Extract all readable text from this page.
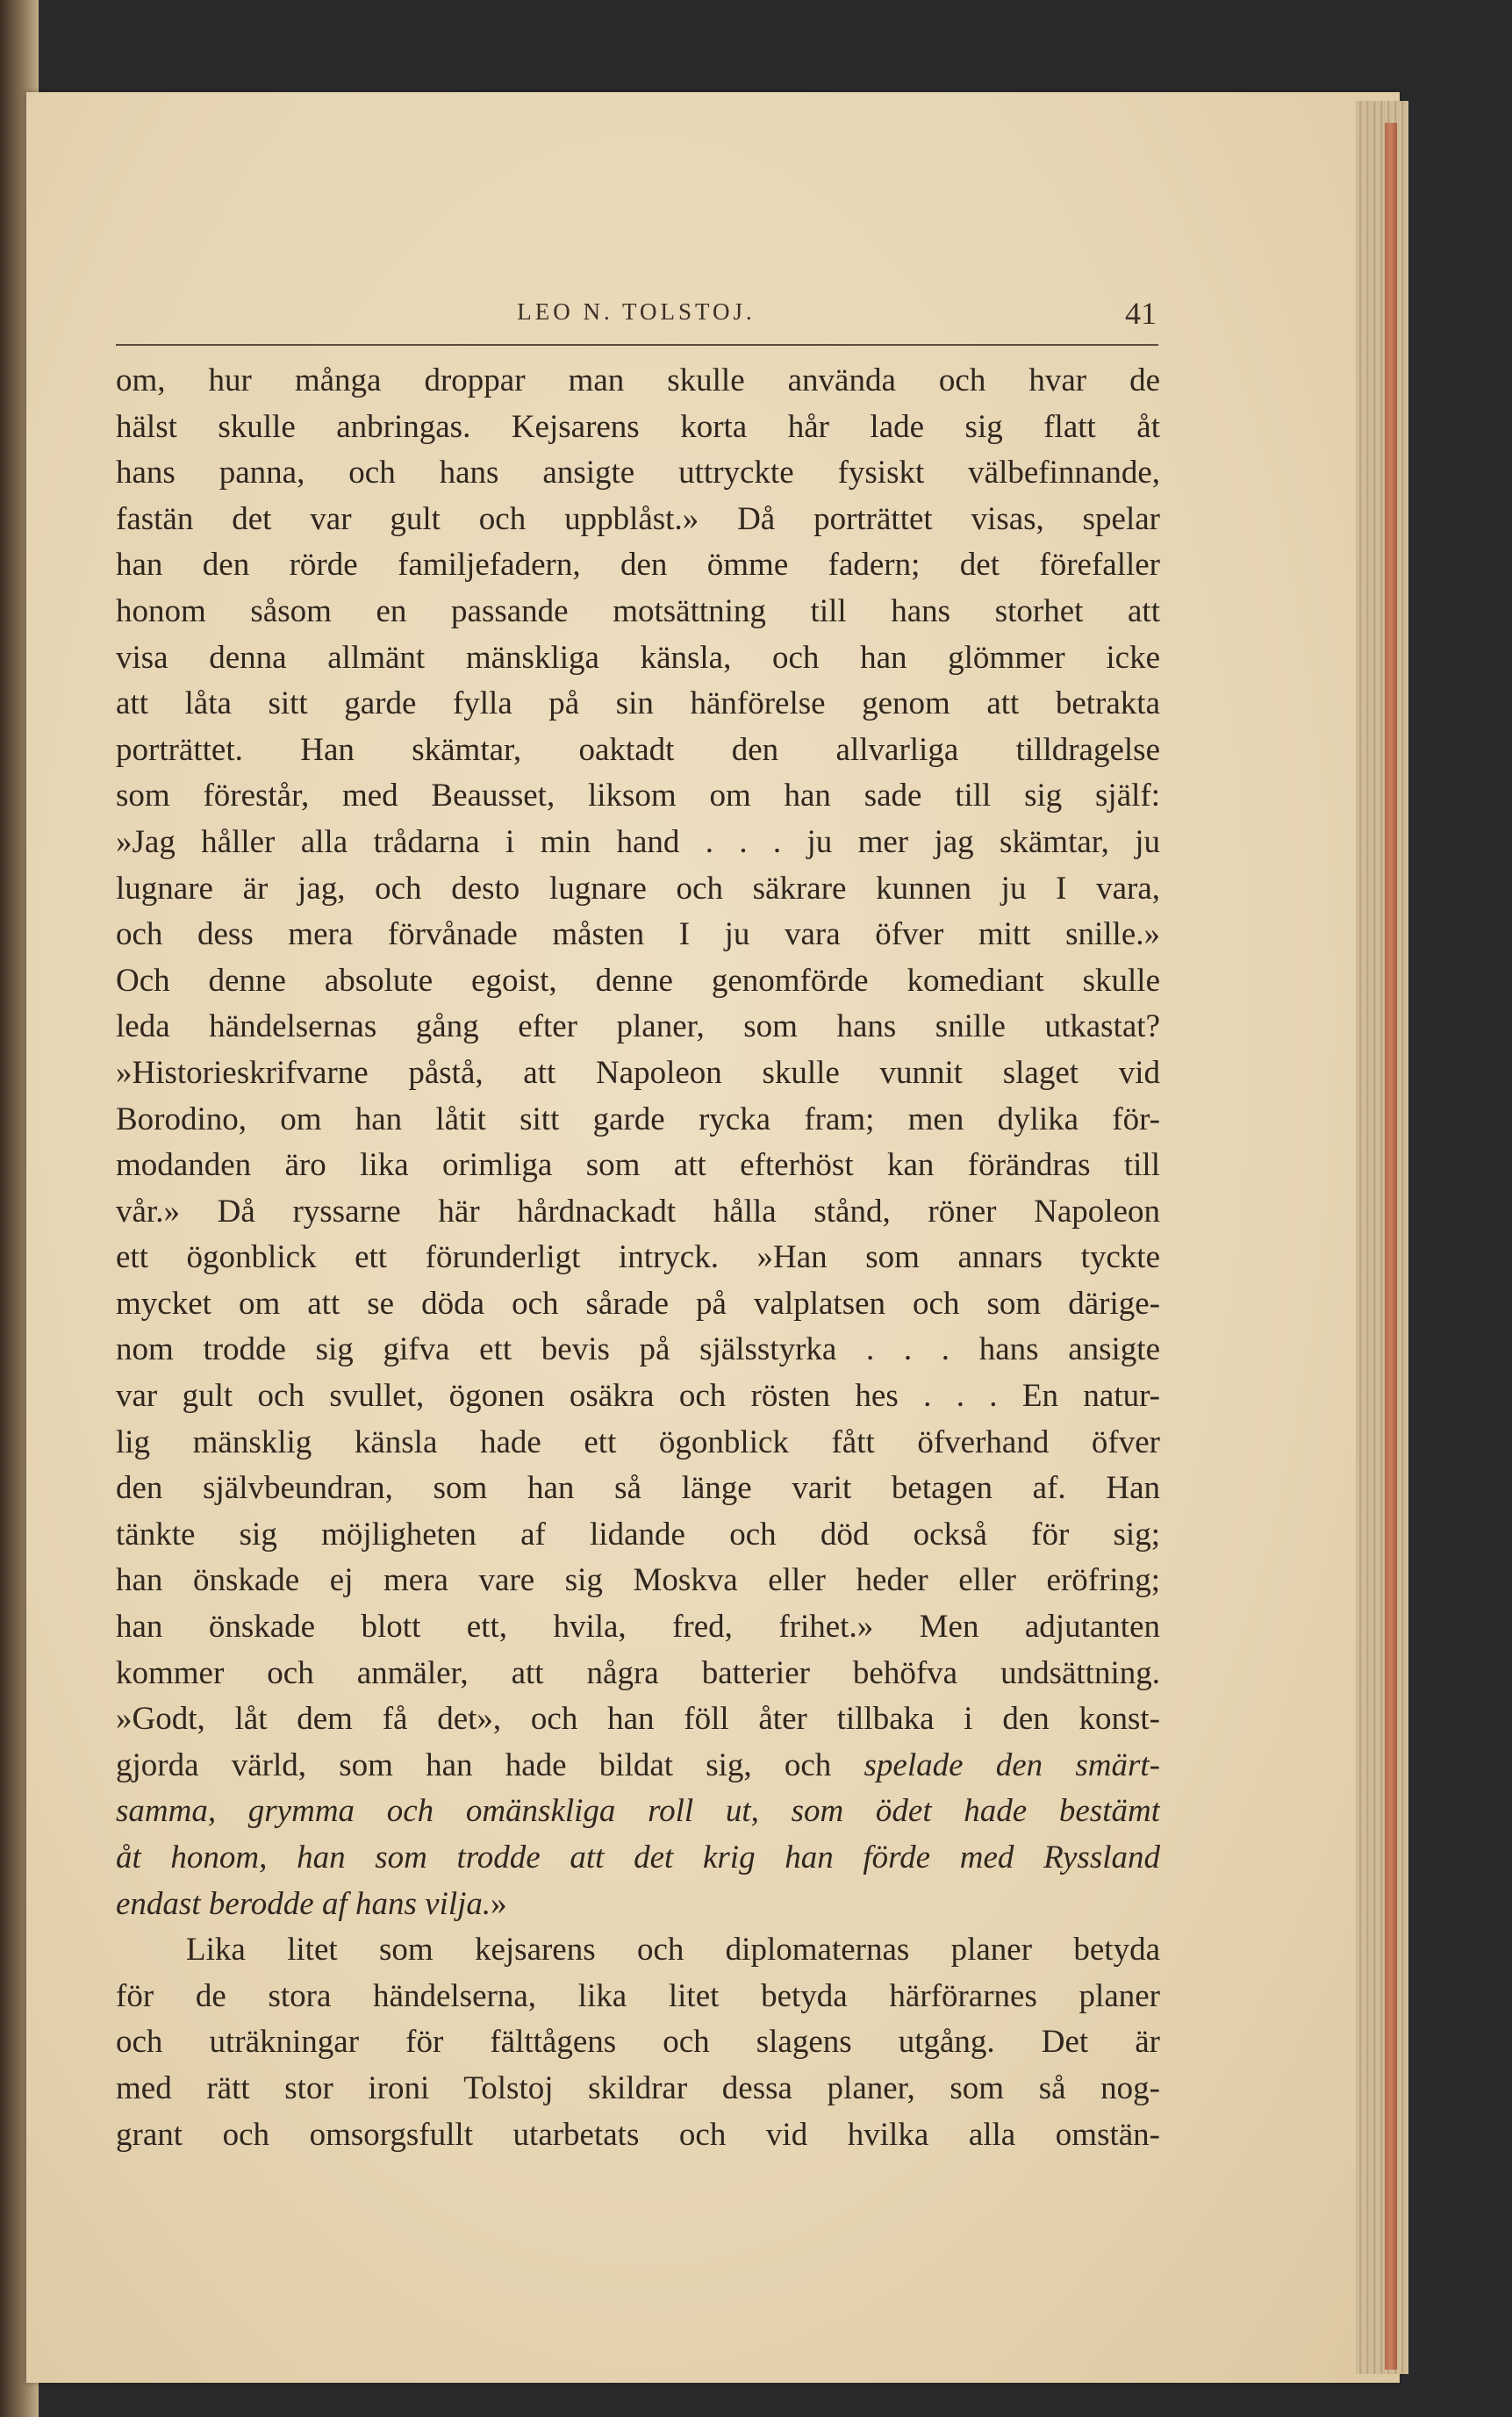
LEO N. TOLSTOJ.	41
om, hur många droppar man skulle använda och hvar de
hälst skulle anbringas. Kejsarens korta hår lade sig flatt åt
hans panna, och hans ansigte uttryckte fysiskt välbefinnande,
fastän det var gult och uppblåst.» Då porträttet visas, spelar
han den rörde familjefadern, den ömme fadern; det förefaller
honom såsom en passande motsättning till hans storhet att
visa denna allmänt mänskliga känsla, och han glömmer icke
att låta sitt garde fylla på sin hänförelse genom att betrakta
porträttet. Han skämtar, oaktadt den allvarliga tilldragelse
som förestår, med Beausset, liksom om han sade till sig själf:
»Jag håller alla trådarna i min hand . . . ju mer jag skämtar, ju
lugnare är jag, och desto lugnare och säkrare kunnen ju I vara,
och dess mera förvånade måsten I ju vara öfver mitt snille.»
Och denne absolute egoist, denne genomförde komediant skulle
leda händelsernas gång efter planer, som hans snille utkastat?
»Historieskrifvarne påstå, att Napoleon skulle vunnit slaget vid
Borodino, om han låtit sitt garde rycka fram; men dylika för-
modanden äro lika orimliga som att efterhöst kan förändras till
vår.» Då ryssarne här hårdnackadt hålla stånd, röner Napoleon
ett ögonblick ett förunderligt intryck. »Han som annars tyckte
mycket om att se döda och sårade på valplatsen och som därige-
nom trodde sig gifva ett bevis på själsstyrka . . . hans ansigte
var gult och svullet, ögonen osäkra och rösten hes . . . En natur-
lig mänsklig känsla hade ett ögonblick fått öfverhand öfver
den självbeundran, som han så länge varit betagen af. Han
tänkte sig möjligheten af lidande och död också för sig;
han önskade ej mera vare sig Moskva eller heder eller eröfring;
han önskade blott ett, hvila, fred, frihet.» Men adjutanten
kommer och anmäler, att några batterier behöfva undsättning.
»Godt, låt dem få det», och han föll åter tillbaka i den konst-
gjorda värld, som han hade bildat sig, och spelade den smärt-
samma, grymma och omänskliga roll ut, som ödet hade bestämt
åt honom, han som trodde att det krig han förde med Ryssland
endast berodde af hans vilja.»
Lika litet som kejsarens och diplomaternas planer betyda
för de stora händelserna, lika litet betyda härförarnes planer
och uträkningar för fälttågens och slagens utgång. Det är
med rätt stor ironi Tolstoj skildrar dessa planer, som så nog-
grant och omsorgsfullt utarbetats och vid hvilka alla omstän-
